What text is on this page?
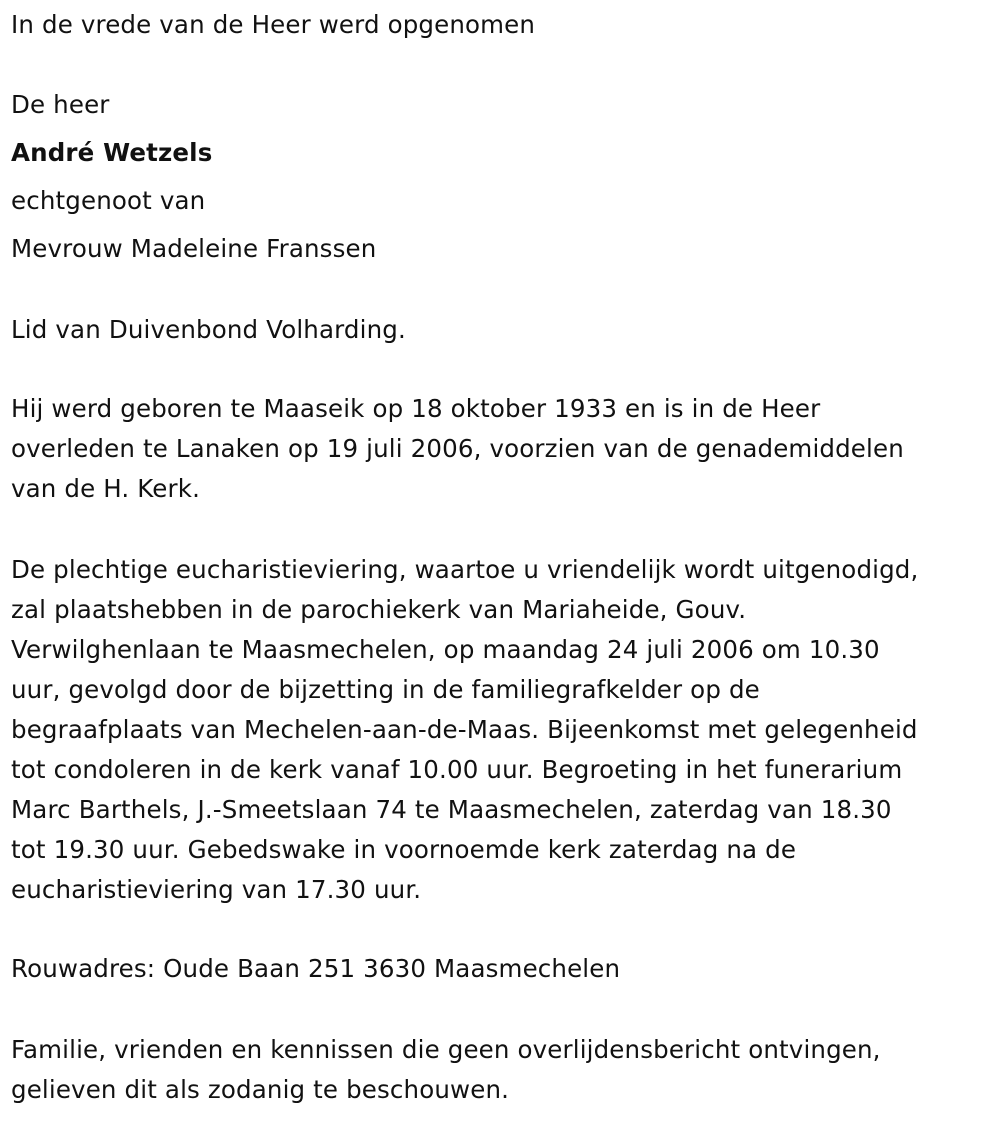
In de vrede van de Heer werd opgenomen
De heer
André Wetzels
echtgenoot van
Mevrouw Madeleine Franssen
Lid van Duivenbond Volharding.
Hij werd geboren te Maaseik op 18 oktober 1933 en is in de Heer
overleden te Lanaken op 19 juli 2006, voorzien van de genademiddelen
van de H. Kerk.
De plechtige eucharistieviering, waartoe u vriendelijk wordt uitgenodigd,
zal plaatshebben in de parochiekerk van Mariaheide, Gouv.
Verwilghenlaan te Maasmechelen, op maandag 24 juli 2006 om 10.30
uur, gevolgd door de bijzetting in de familiegrafkelder op de
begraafplaats van Mechelen-aan-de-Maas. Bijeenkomst met gelegenheid
tot condoleren in de kerk vanaf 10.00 uur. Begroeting in het funerarium
Marc Barthels, J.-Smeetslaan 74 te Maasmechelen, zaterdag van 18.30
tot 19.30 uur. Gebedswake in voornoemde kerk zaterdag na de
eucharistieviering van 17.30 uur.
Rouwadres: Oude Baan 251 3630 Maasmechelen
Familie, vrienden en kennissen die geen overlijdensbericht ontvingen,
gelieven dit als zodanig te beschouwen.
